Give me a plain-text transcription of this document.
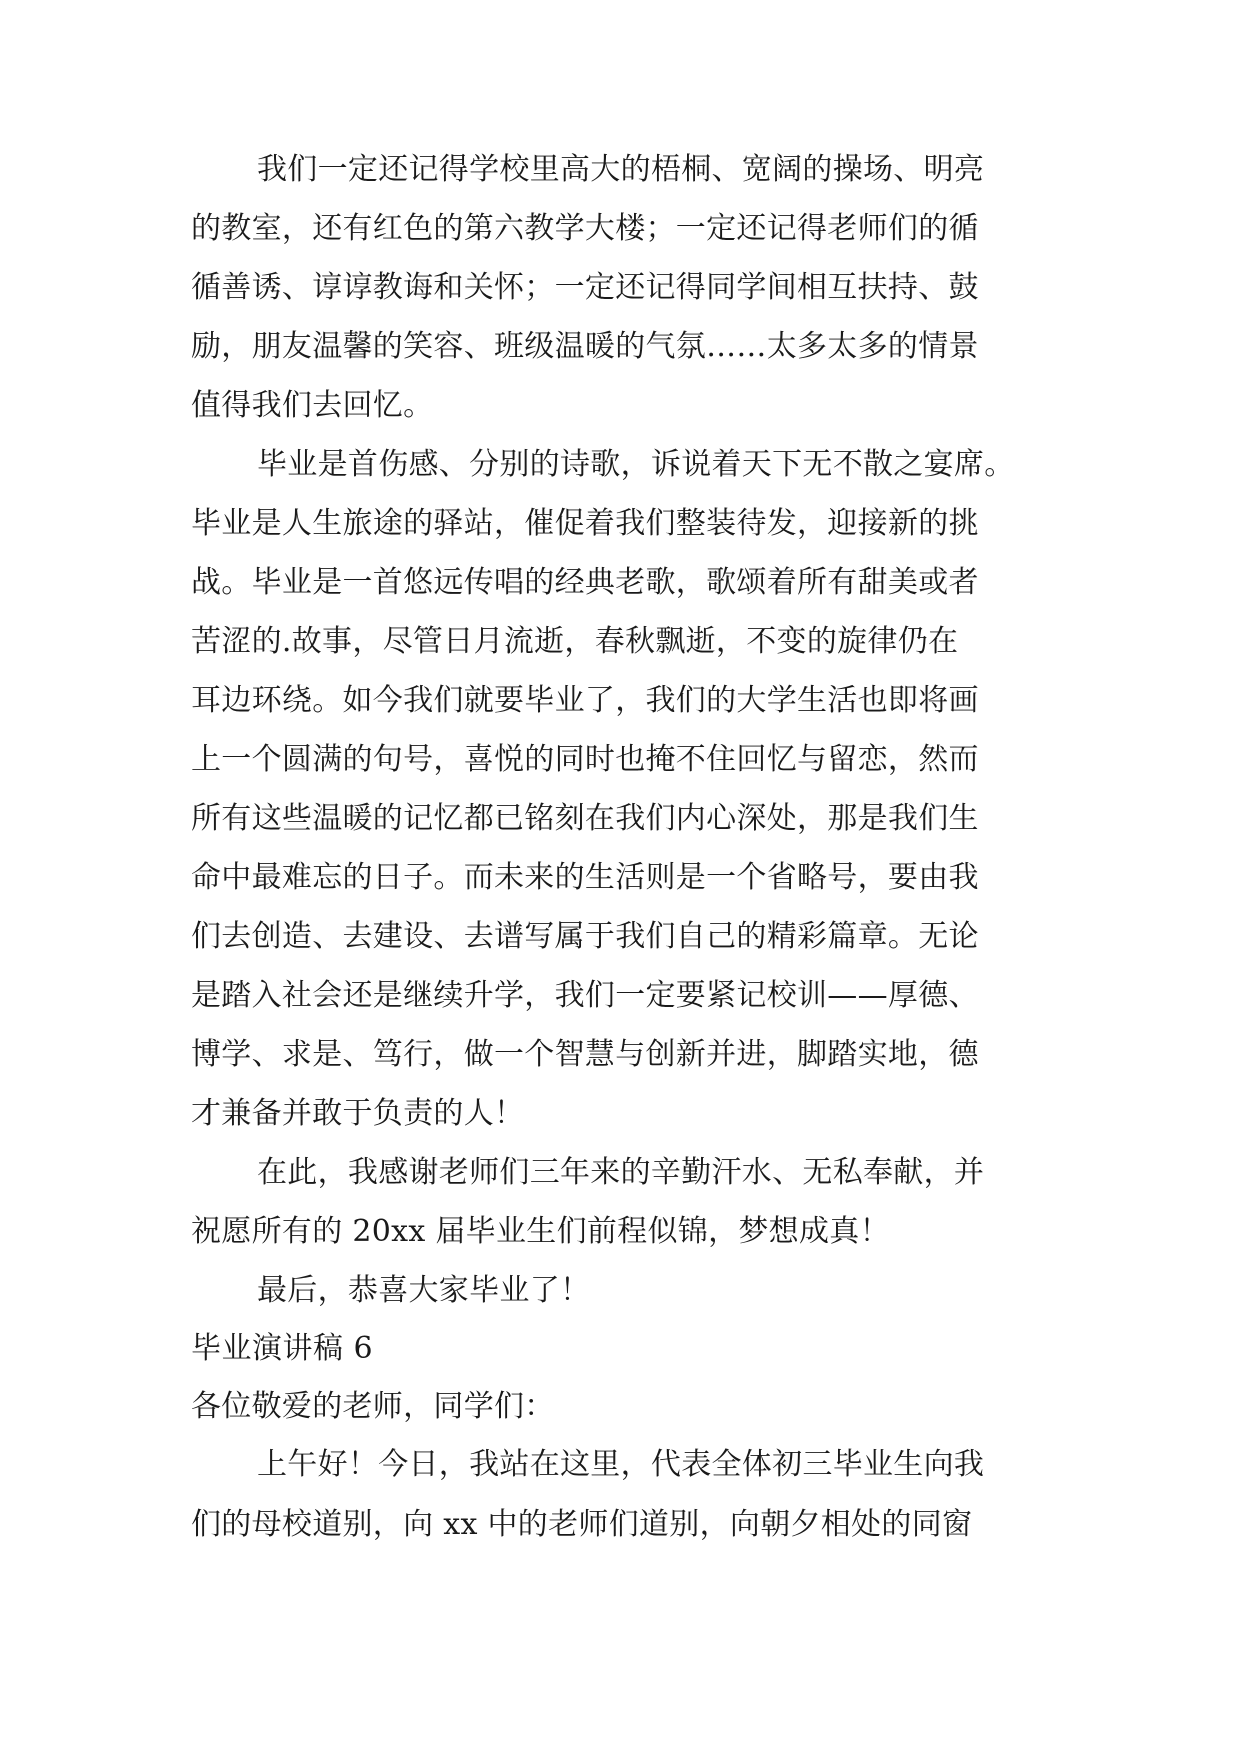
我们一定还记得学校里高大的梧桐、宽阔的操场、明亮
的教室，还有红色的第六教学大楼；一定还记得老师们的循
循善诱、谆谆教诲和关怀；一定还记得同学间相互扶持、鼓
励，朋友温馨的笑容、班级温暖的气氛……太多太多的情景
值得我们去回忆。
毕业是首伤感、分别的诗歌，诉说着天下无不散之宴席。
毕业是人生旅途的驿站，催促着我们整装待发，迎接新的挑
战。毕业是一首悠远传唱的经典老歌，歌颂着所有甜美或者
苦涩的.故事，尽管日月流逝，春秋飘逝，不变的旋律仍在
耳边环绕。如今我们就要毕业了，我们的大学生活也即将画
上一个圆满的句号，喜悦的同时也掩不住回忆与留恋，然而
所有这些温暖的记忆都已铭刻在我们内心深处，那是我们生
命中最难忘的日子。而未来的生活则是一个省略号，要由我
们去创造、去建设、去谱写属于我们自己的精彩篇章。无论
是踏入社会还是继续升学，我们一定要紧记校训——厚德、
博学、求是、笃行，做一个智慧与创新并进，脚踏实地，德
才兼备并敢于负责的人！
在此，我感谢老师们三年来的辛勤汗水、无私奉献，并
祝愿所有的 20xx 届毕业生们前程似锦，梦想成真！
最后，恭喜大家毕业了！
毕业演讲稿 6
各位敬爱的老师，同学们：
上午好！今日，我站在这里，代表全体初三毕业生向我
们的母校道别，向 xx 中的老师们道别，向朝夕相处的同窗
